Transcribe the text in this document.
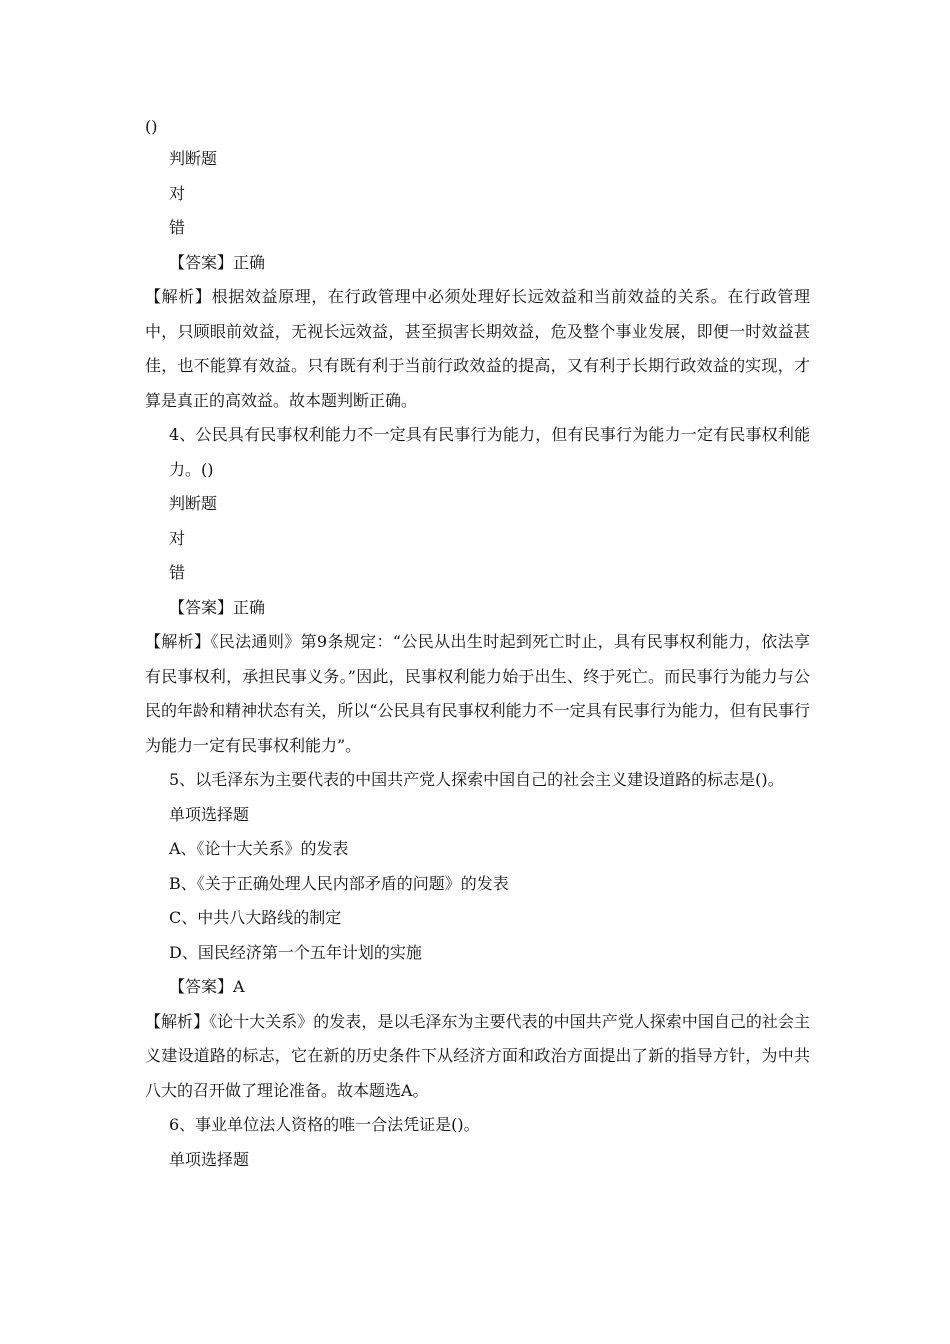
()
判断题
对
错
【答案】正确
【解析】根据效益原理，在行政管理中必须处理好长远效益和当前效益的关系。在行政管理中，只顾眼前效益，无视长远效益，甚至损害长期效益，危及整个事业发展，即便一时效益甚佳，也不能算有效益。只有既有利于当前行政效益的提高，又有利于长期行政效益的实现，才算是真正的高效益。故本题判断正确。
4、公民具有民事权利能力不一定具有民事行为能力，但有民事行为能力一定有民事权利能力。()
判断题
对
错
【答案】正确
【解析】《民法通则》第9条规定：“公民从出生时起到死亡时止，具有民事权利能力，依法享有民事权利，承担民事义务。”因此，民事权利能力始于出生、终于死亡。而民事行为能力与公民的年龄和精神状态有关，所以“公民具有民事权利能力不一定具有民事行为能力，但有民事行为能力一定有民事权利能力”。
5、以毛泽东为主要代表的中国共产党人探索中国自己的社会主义建设道路的标志是()。
单项选择题
A、《论十大关系》的发表
B、《关于正确处理人民内部矛盾的问题》的发表
C、中共八大路线的制定
D、国民经济第一个五年计划的实施
【答案】A
【解析】《论十大关系》的发表，是以毛泽东为主要代表的中国共产党人探索中国自己的社会主义建设道路的标志，它在新的历史条件下从经济方面和政治方面提出了新的指导方针，为中共八大的召开做了理论准备。故本题选A。
6、事业单位法人资格的唯一合法凭证是()。
单项选择题
